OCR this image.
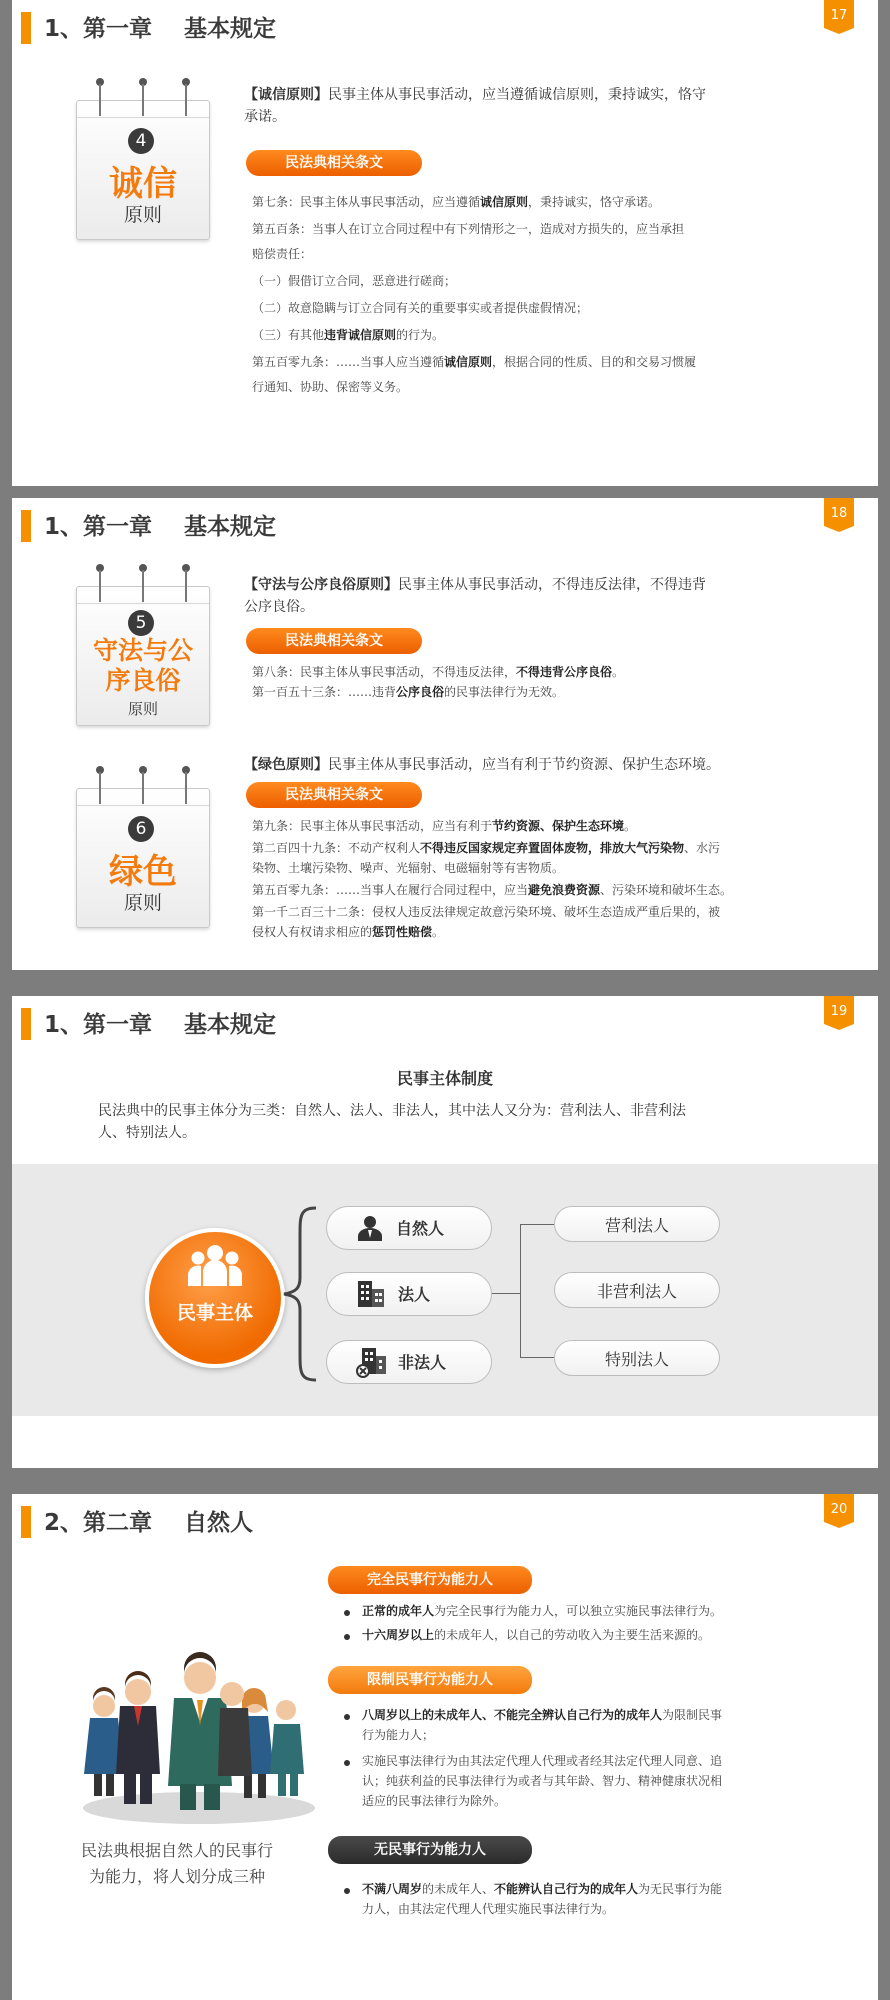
1、第一章    基本规定
17
4
诚信
原则
【诚信原则】民事主体从事民事活动，应当遵循诚信原则，秉持诚实，恪守
承诺。
民法典相关条文
第七条：民事主体从事民事活动，应当遵循诚信原则，秉持诚实，恪守承诺。
第五百条：当事人在订立合同过程中有下列情形之一，造成对方损失的，应当承担
赔偿责任：
（一）假借订立合同，恶意进行磋商；
（二）故意隐瞒与订立合同有关的重要事实或者提供虚假情况；
（三）有其他违背诚信原则的行为。
第五百零九条：……当事人应当遵循诚信原则，根据合同的性质、目的和交易习惯履
行通知、协助、保密等义务。
1、第一章    基本规定
18
5
守法与公
序良俗
原则
【守法与公序良俗原则】民事主体从事民事活动，不得违反法律，不得违背
公序良俗。
民法典相关条文
第八条：民事主体从事民事活动，不得违反法律，不得违背公序良俗。
第一百五十三条：……违背公序良俗的民事法律行为无效。
6
绿色
原则
【绿色原则】民事主体从事民事活动，应当有利于节约资源、保护生态环境。
民法典相关条文
第九条：民事主体从事民事活动，应当有利于节约资源、保护生态环境。
第二百四十九条：不动产权利人不得违反国家规定弃置固体废物，排放大气污染物、水污
染物、土壤污染物、噪声、光辐射、电磁辐射等有害物质。
第五百零九条：……当事人在履行合同过程中，应当避免浪费资源、污染环境和破坏生态。
第一千二百三十二条：侵权人违反法律规定故意污染环境、破坏生态造成严重后果的，被
侵权人有权请求相应的惩罚性赔偿。
1、第一章    基本规定
19
民事主体制度
民法典中的民事主体分为三类：自然人、法人、非法人，其中法人又分为：营利法人、非营利法
人、特别法人。
民事主体
自然人
法人
非法人
营利法人
非营利法人
特别法人
2、第二章    自然人
20
民法典根据自然人的民事行
为能力，将人划分成三种
完全民事行为能力人
正常的成年人为完全民事行为能力人，可以独立实施民事法律行为。
十六周岁以上的未成年人，以自己的劳动收入为主要生活来源的。
限制民事行为能力人
八周岁以上的未成年人、不能完全辨认自己行为的成年人为限制民事
行为能力人；
实施民事法律行为由其法定代理人代理或者经其法定代理人同意、追
认；纯获利益的民事法律行为或者与其年龄、智力、精神健康状况相
适应的民事法律行为除外。
无民事行为能力人
不满八周岁的未成年人、不能辨认自己行为的成年人为无民事行为能
力人，由其法定代理人代理实施民事法律行为。
